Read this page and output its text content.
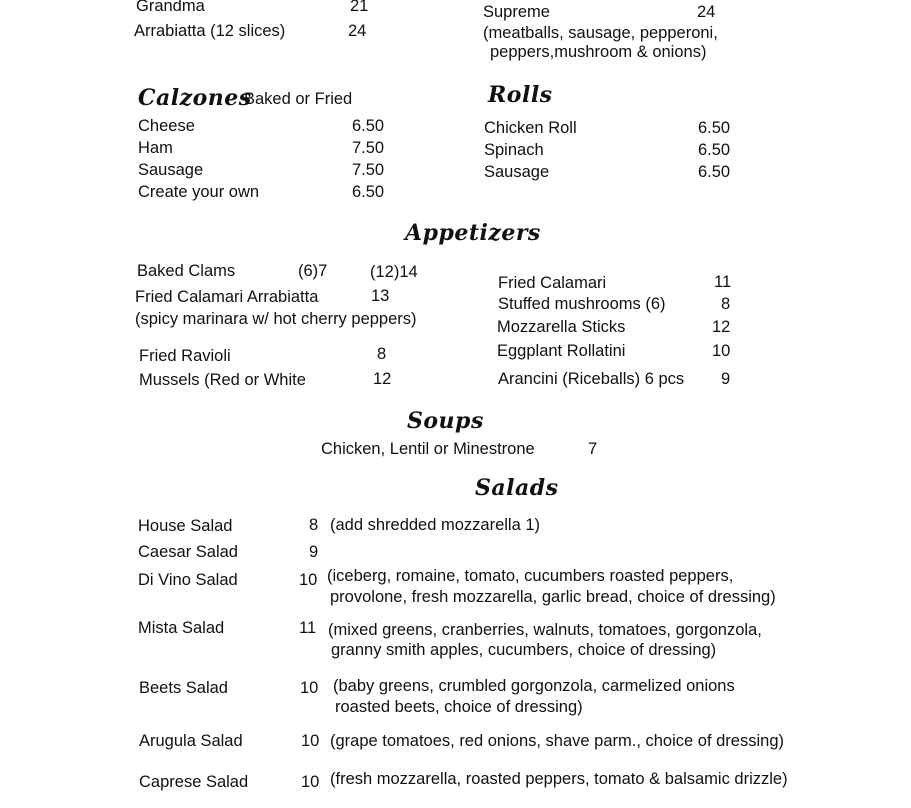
Grandma	21
Arrabiatta (12 slices)	24
Supreme	24
(meatballs, sausage, pepperoni,
peppers,mushroom & onions)
Calzones
Baked or Fried
Cheese	6.50
Ham	7.50
Sausage	7.50
Create your own	6.50
Rolls
Chicken Roll	6.50
Spinach	6.50
Sausage	6.50
Appetizers
Baked Clams	(6)7	(12)14
Fried Calamari Arrabiatta	13
(spicy marinara w/ hot cherry peppers)
Fried Ravioli	8
Mussels (Red or White	12
Fried Calamari	11
Stuffed mushrooms (6)	8
Mozzarella Sticks	12
Eggplant Rollatini	10
Arancini (Riceballs) 6 pcs 9
Soups
Chicken, Lentil or Minestrone	7
Salads
House Salad	8 (add shredded mozzarella 1)
Caesar Salad	9
Di Vino Salad	10 (iceberg, romaine, tomato, cucumbers roasted peppers,
provolone, fresh mozzarella, garlic bread, choice of dressing)
Mista Salad	11 (mixed greens, cranberries, walnuts, tomatoes, gorgonzola,
granny smith apples, cucumbers, choice of dressing)
Beets Salad	10 (baby greens, crumbled gorgonzola, carmelized onions
roasted beets, choice of dressing)
Arugula Salad	10 (grape tomatoes, red onions, shave parm., choice of dressing)
Caprese Salad	10 (fresh mozzarella, roasted peppers, tomato & balsamic drizzle)
